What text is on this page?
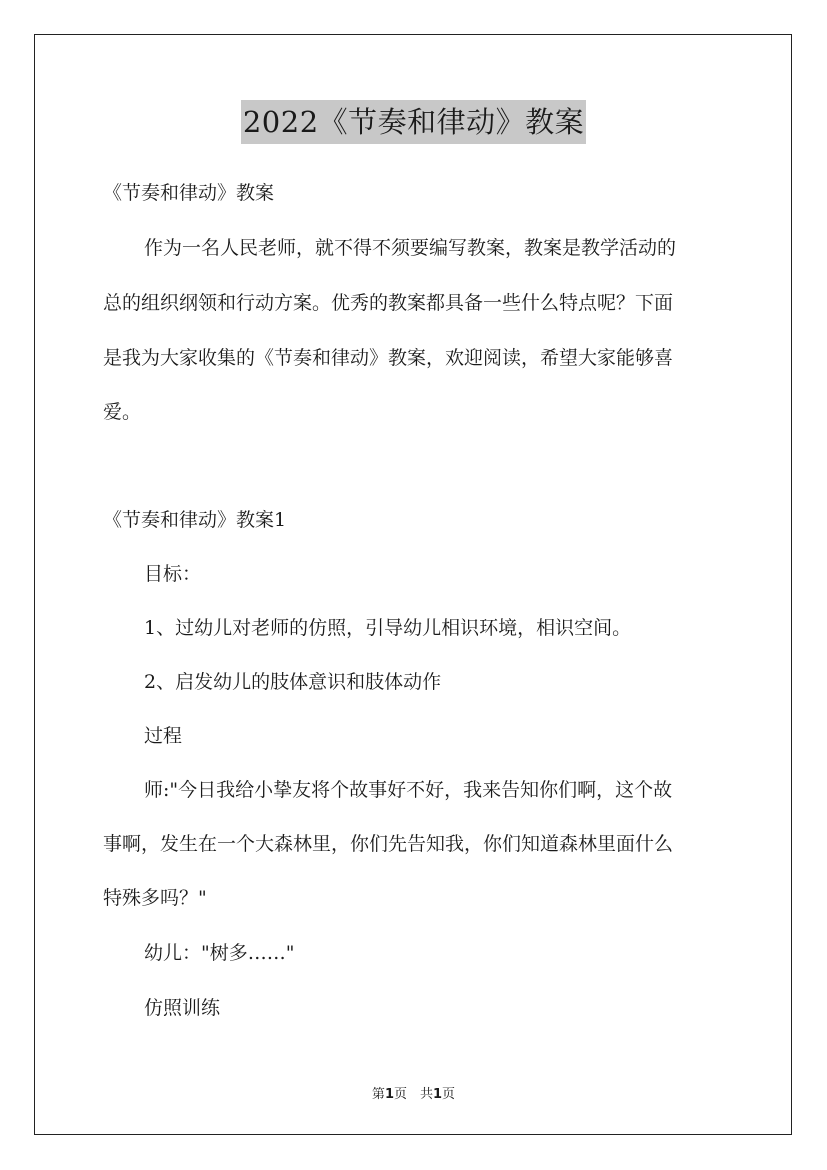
2022《节奏和律动》教案
《节奏和律动》教案
作为一名人民老师，就不得不须要编写教案，教案是教学活动的
总的组织纲领和行动方案。优秀的教案都具备一些什么特点呢？下面
是我为大家收集的《节奏和律动》教案，欢迎阅读，希望大家能够喜
爱。
《节奏和律动》教案1
目标：
1、过幼儿对老师的仿照，引导幼儿相识环境，相识空间。
2、启发幼儿的肢体意识和肢体动作
过程
师:"今日我给小挚友将个故事好不好，我来告知你们啊，这个故
事啊，发生在一个大森林里，你们先告知我，你们知道森林里面什么
特殊多吗？"
幼儿："树多……"
仿照训练
第1页　共1页
